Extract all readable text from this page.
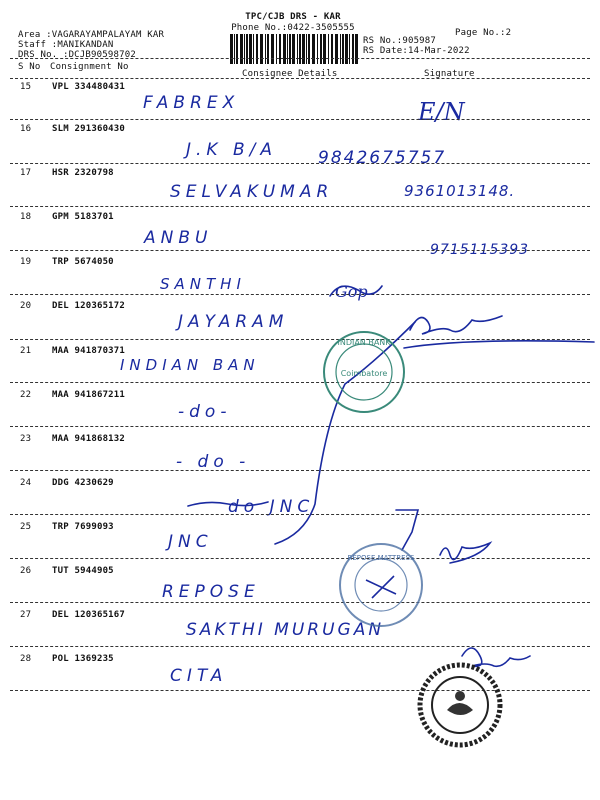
Area :VAGARAYAMPALAYAM KAR
Staff :MANIKANDAN
DRS No. :DCJB90598702
TPC/CJB DRS - KAR
Phone No.:0422-3505555	Page No.:2
RS No.:905987
RS Date:14-Mar-2022
S No Consignment No
Consignee Details	Signature
15 VPL 334480431
FABREX	E/N
16 SLM 291360430
J.K B/A 9842675757
17 HSR 2320798
SELVAKUMAR	9361013148.
18 GPM 5183701
ANBU
9715115393
19 TRP 5674050
SANTHI	Gop
20 DEL 120365172
JAYARAM
21 MAA 941870371
INDIAN BAN
22 MAA 941867211
-do-
23 MAA 941868132
- do -
24 DDG 4230629
do JNC
25 TRP 7699093
JNC
26 TUT 5944905
REPOSE
27 DEL 120365167
SAKTHI MURUGAN
28 POL 1369235
CITA
INDIAN BANK
Coimbatore
REPOSE MATTRESS
